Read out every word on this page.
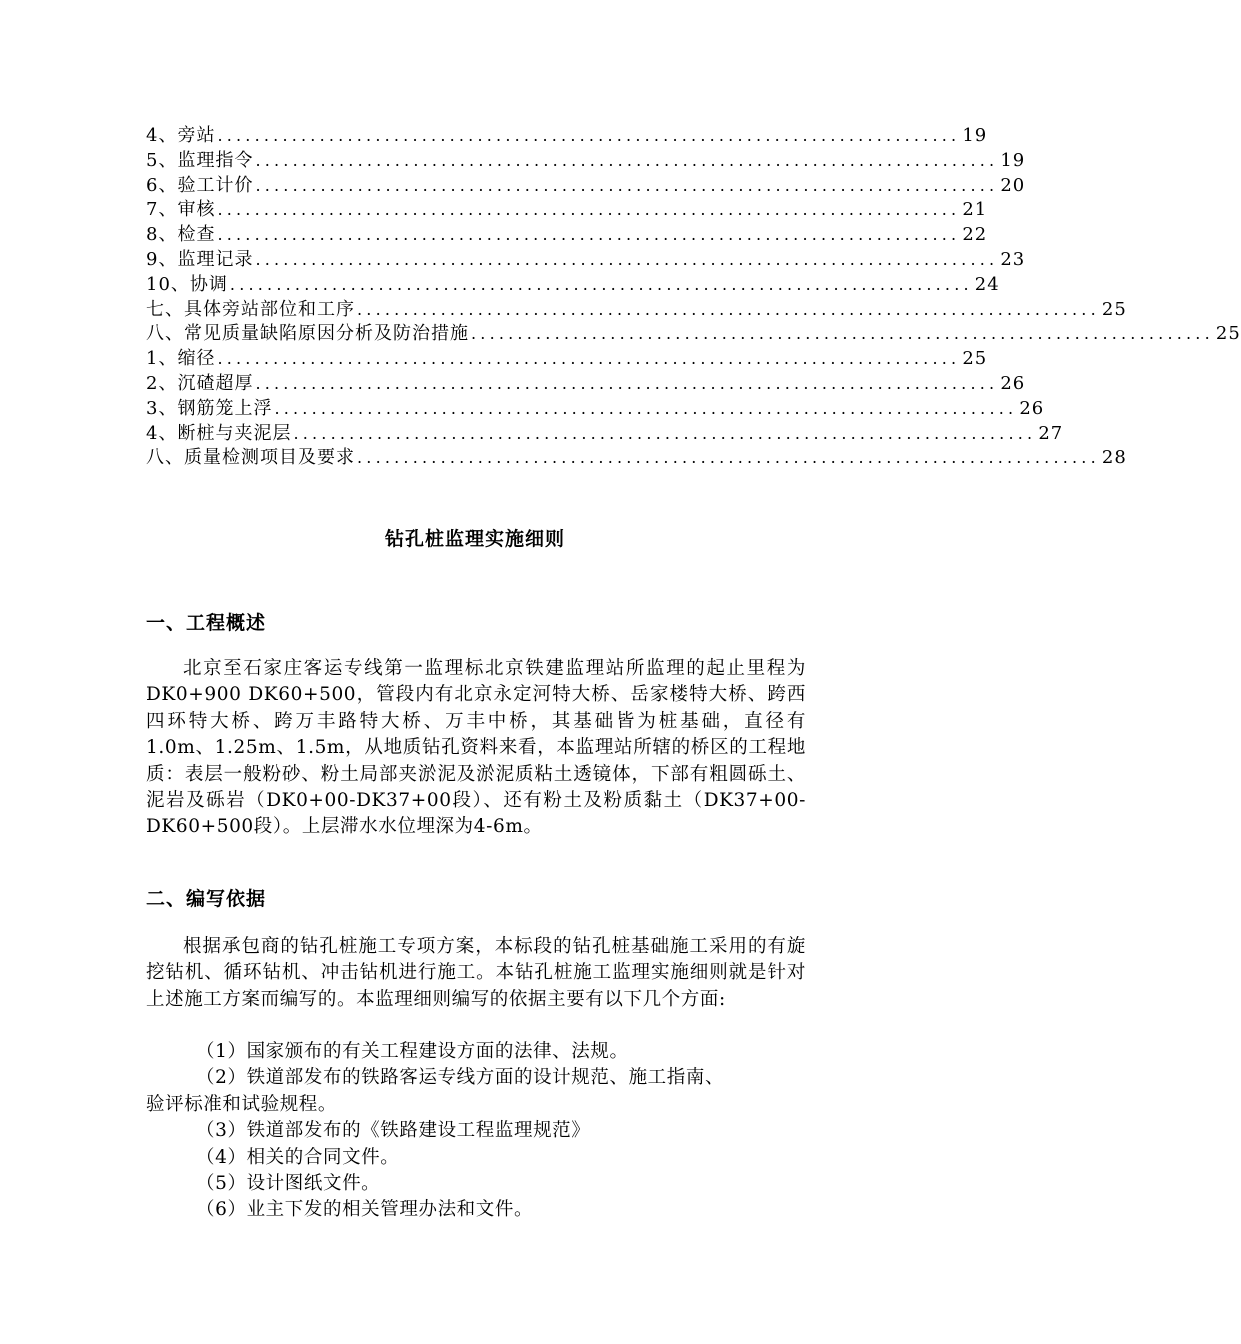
4、旁站 ................................................................................ 19
5、监理指令 ................................................................................ 19
6、验工计价 ................................................................................ 20
7、审核 ................................................................................ 21
8、检查 ................................................................................ 22
9、监理记录 ................................................................................ 23
10、协调 ................................................................................ 24
七、具体旁站部位和工序 ................................................................................ 25
八、常见质量缺陷原因分析及防治措施 ................................................................................ 25
1、缩径 ................................................................................ 25
2、沉碴超厚 ................................................................................ 26
3、钢筋笼上浮 ................................................................................ 26
4、断桩与夹泥层 ................................................................................ 27
八、质量检测项目及要求 ................................................................................ 28
钻孔桩监理实施细则
一、工程概述
北京至石家庄客运专线第一监理标北京铁建监理站所监理的起止里程为DK0+900 DK60+500，管段内有北京永定河特大桥、岳家楼特大桥、跨西四环特大桥、跨万丰路特大桥、万丰中桥，其基础皆为桩基础，直径有1.0m、1.25m、1.5m，从地质钻孔资料来看，本监理站所辖的桥区的工程地质：表层一般粉砂、粉土局部夹淤泥及淤泥质粘土透镜体，下部有粗圆砾土、泥岩及砾岩（DK0+00-DK37+00段）、还有粉土及粉质黏土（DK37+00-DK60+500段）。上层滞水水位埋深为4-6m。
二、编写依据
根据承包商的钻孔桩施工专项方案，本标段的钻孔桩基础施工采用的有旋挖钻机、循环钻机、冲击钻机进行施工。本钻孔桩施工监理实施细则就是针对上述施工方案而编写的。本监理细则编写的依据主要有以下几个方面:
（1）国家颁布的有关工程建设方面的法律、法规。
（2）铁道部发布的铁路客运专线方面的设计规范、施工指南、
验评标准和试验规程。
（3）铁道部发布的《铁路建设工程监理规范》
（4）相关的合同文件。
（5）设计图纸文件。
（6）业主下发的相关管理办法和文件。
